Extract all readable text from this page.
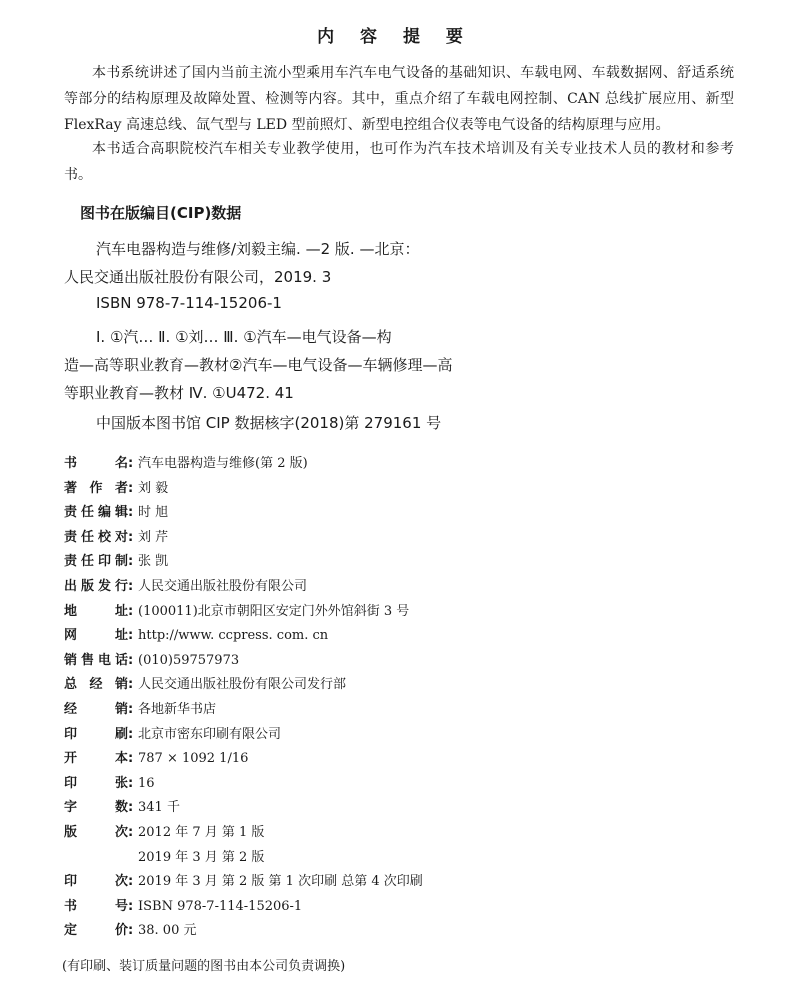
内 容 提 要

本书系统讲述了国内当前主流小型乘用车汽车电气设备的基础知识、车载电网、车载数据网、舒适系统等部分的结构原理及故障处置、检测等内容。其中，重点介绍了车载电网控制、CAN 总线扩展应用、新型 FlexRay 高速总线、氙气型与 LED 型前照灯、新型电控组合仪表等电气设备的结构原理与应用。

本书适合高职院校汽车相关专业教学使用，也可作为汽车技术培训及有关专业技术人员的教材和参考书。

图书在版编目(CIP)数据
汽车电器构造与维修/刘毅主编. —2 版. —北京：
人民交通出版社股份有限公司，2019. 3
ISBN 978-7-114-15206-1
Ⅰ. ①汽… Ⅱ. ①刘… Ⅲ. ①汽车—电气设备—构
造—高等职业教育—教材②汽车—电气设备—车辆修理—高
等职业教育—教材 Ⅳ. ①U472. 41
中国版本图书馆 CIP 数据核字(2018)第 279161 号
书	名 : 汽车电器构造与维修(第 2 版)
著 作 者 : 刘 毅
责 任 编 辑 : 时 旭
责 任 校 对 : 刘 芹
责 任 印 制 : 张 凯
出 版 发 行 : 人民交通出版社股份有限公司
地	址 : (100011)北京市朝阳区安定门外外馆斜街 3 号
网	址 : http://www. ccpress. com. cn
销 售 电 话 : (010)59757973
总 经 销 : 人民交通出版社股份有限公司发行部
经	销 : 各地新华书店
印	刷 : 北京市密东印刷有限公司
开	本 : 787 × 1092 1/16
印	张 : 16
字	数 : 341 千
版	次 : 2012 年 7 月 第 1 版
2019 年 3 月 第 2 版
印	次 : 2019 年 3 月 第 2 版 第 1 次印刷 总第 4 次印刷
书	号 : ISBN 978-7-114-15206-1
定	价 : 38. 00 元
(有印刷、装订质量问题的图书由本公司负责调换)
